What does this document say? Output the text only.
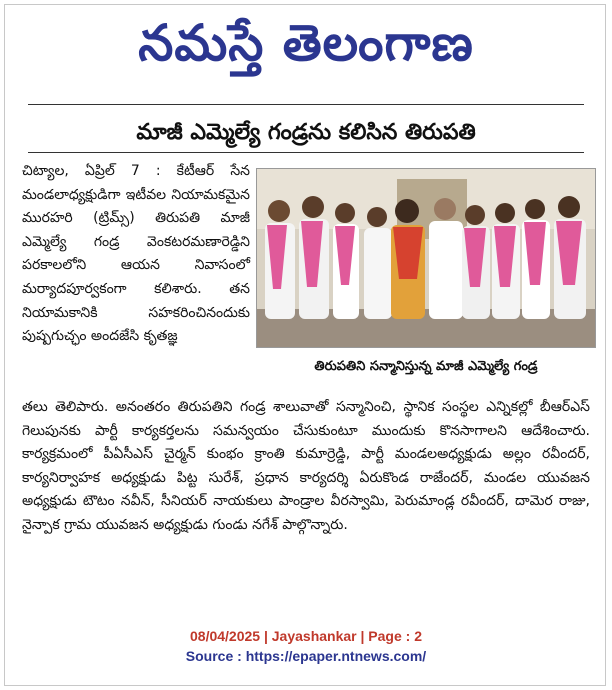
నమస్తే తెలంగాణ
మాజీ ఎమ్మెల్యే గండ్రను కలిసిన తిరుపతి

చిట్యాల, ఏప్రిల్ 7 : కేటీఆర్ సేన మండలాధ్యక్షుడిగా ఇటీవల నియామకమైన మురహరి (ట్రిమ్స్) తిరుపతి మాజీ ఎమ్మెల్యే గండ్ర వెంకటరమణారెడ్డిని పరకాలలోని ఆయన నివాసంలో మర్యాదపూర్వకంగా కలిశారు. తన నియామకానికి సహకరించినందుకు పుష్పగుచ్ఛం అందజేసి కృతజ్ఞ

తిరుపతిని సన్మానిస్తున్న మాజీ ఎమ్మెల్యే గండ్ర

తలు తెలిపారు. అనంతరం తిరుపతిని గండ్ర శాలువాతో సన్మానించి, స్థానిక సంస్థల ఎన్నికల్లో బీఆర్ఎస్ గెలుపునకు పార్టీ కార్యకర్తలను సమన్వయం చేసుకుంటూ ముందుకు కొనసాగాలని ఆదేశించారు. కార్యక్రమంలో పీఏసీఎస్ చైర్మన్ కుంభం క్రాంతి కుమార్రెడ్డి, పార్టీ మండలఅధ్యక్షుడు అల్లం రవీందర్, కార్యనిర్వాహక అధ్యక్షుడు పిట్ట సురేశ్, ప్రధాన కార్యదర్శి ఏరుకొండ రాజేందర్, మండల యువజన అధ్యక్షుడు టౌటం నవీన్, సీనియర్ నాయకులు పాండ్రాల వీరస్వామి, పెరుమాండ్ల రవీందర్, దామెర రాజు, నైన్పాక గ్రామ యువజన అధ్యక్షుడు గుండు నగేశ్ పాల్గొన్నారు.

08/04/2025 | Jayashankar | Page : 2
Source : https://epaper.ntnews.com/
